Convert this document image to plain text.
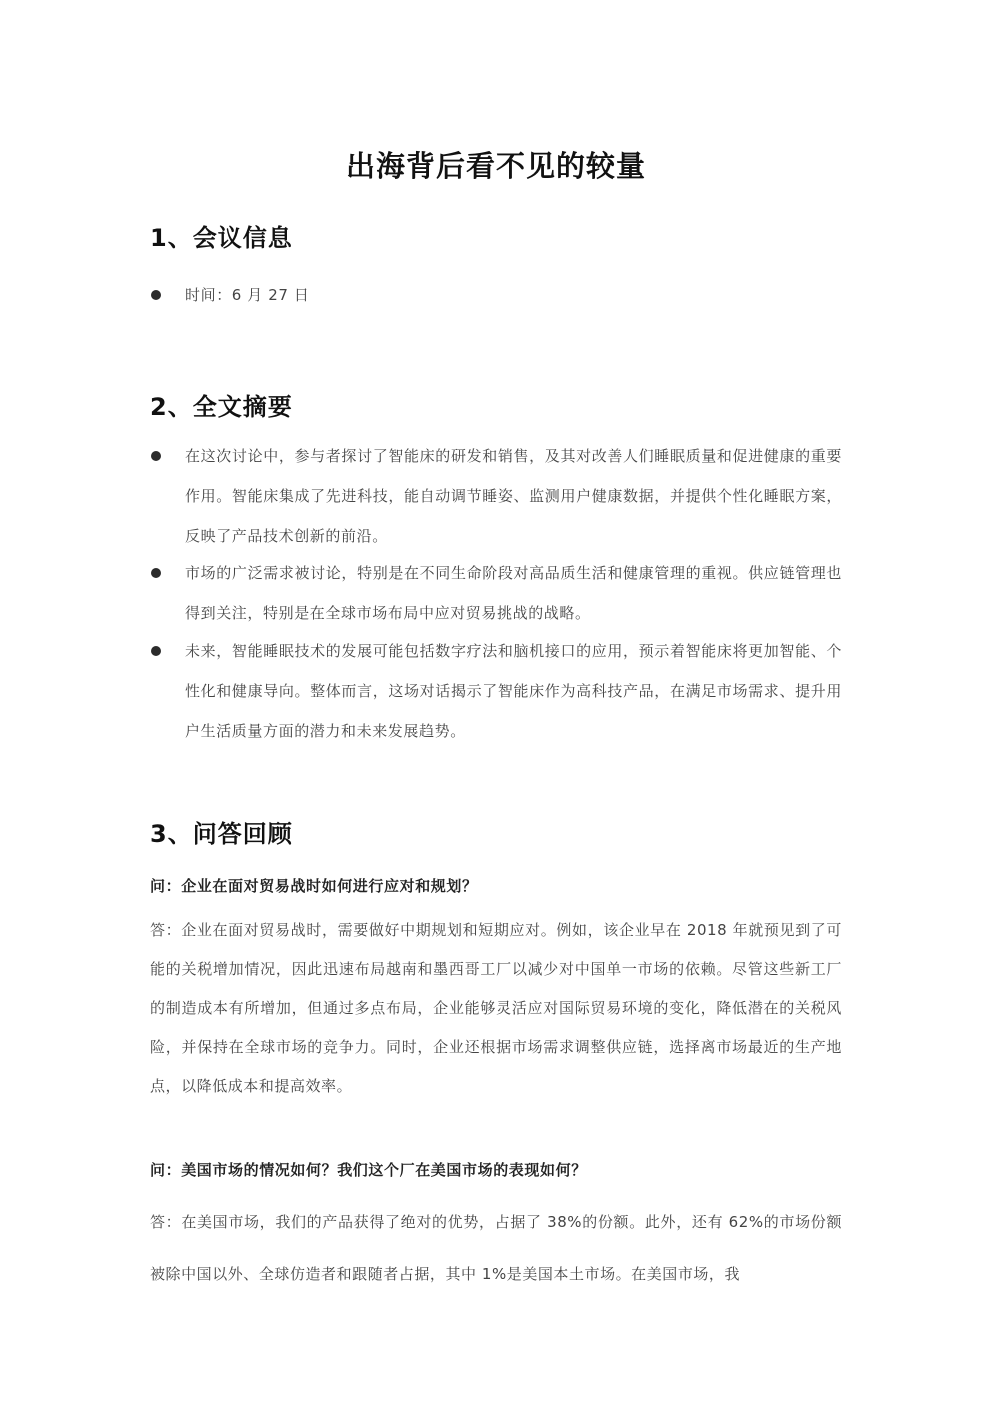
出海背后看不见的较量
1、会议信息
时间：6 月 27 日
2、全文摘要
在这次讨论中，参与者探讨了智能床的研发和销售，及其对改善人们睡眠质量和促进健康的重要作用。智能床集成了先进科技，能自动调节睡姿、监测用户健康数据，并提供个性化睡眠方案，反映了产品技术创新的前沿。
市场的广泛需求被讨论，特别是在不同生命阶段对高品质生活和健康管理的重视。供应链管理也得到关注，特别是在全球市场布局中应对贸易挑战的战略。
未来，智能睡眠技术的发展可能包括数字疗法和脑机接口的应用，预示着智能床将更加智能、个性化和健康导向。整体而言，这场对话揭示了智能床作为高科技产品，在满足市场需求、提升用户生活质量方面的潜力和未来发展趋势。
3、问答回顾
问：企业在面对贸易战时如何进行应对和规划？
答：企业在面对贸易战时，需要做好中期规划和短期应对。例如，该企业早在 2018 年就预见到了可能的关税增加情况，因此迅速布局越南和墨西哥工厂以减少对中国单一市场的依赖。尽管这些新工厂的制造成本有所增加，但通过多点布局，企业能够灵活应对国际贸易环境的变化，降低潜在的关税风险，并保持在全球市场的竞争力。同时，企业还根据市场需求调整供应链，选择离市场最近的生产地点，以降低成本和提高效率。
问：美国市场的情况如何？我们这个厂在美国市场的表现如何？
答：在美国市场，我们的产品获得了绝对的优势，占据了 38%的份额。此外，还有 62%的市场份额被除中国以外、全球仿造者和跟随者占据，其中 1%是美国本土市场。在美国市场，我
